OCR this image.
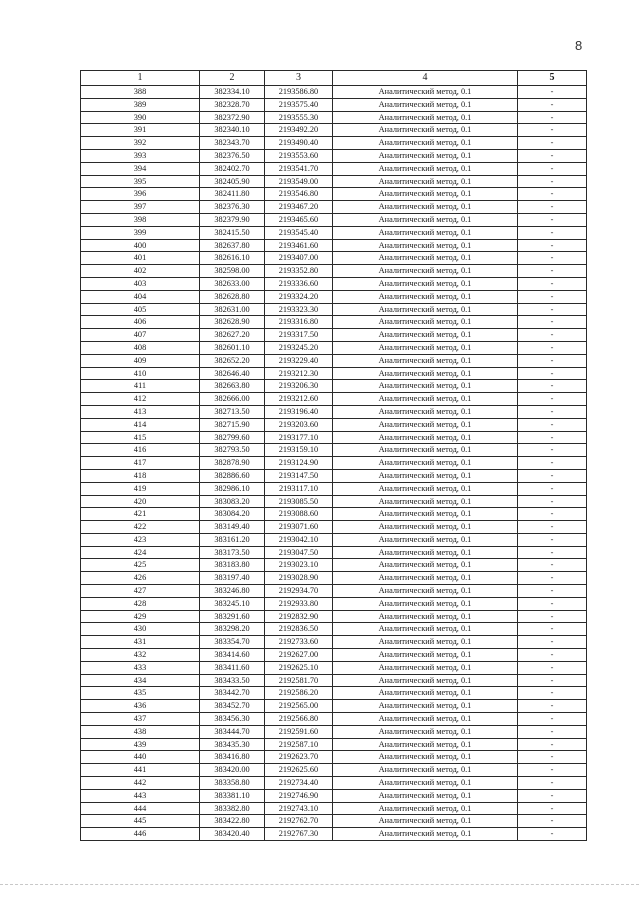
8
1	2	3	4	5
388	382334.10	2193586.80	Аналитический метод, 0.1	-
389	382328.70	2193575.40	Аналитический метод, 0.1	-
390	382372.90	2193555.30	Аналитический метод, 0.1	-
391	382340.10	2193492.20	Аналитический метод, 0.1	-
392	382343.70	2193490.40	Аналитический метод, 0.1	-
393	382376.50	2193553.60	Аналитический метод, 0.1	-
394	382402.70	2193541.70	Аналитический метод, 0.1	-
395	382405.90	2193549.00	Аналитический метод, 0.1	-
396	382411.80	2193546.80	Аналитический метод, 0.1	-
397	382376.30	2193467.20	Аналитический метод, 0.1	-
398	382379.90	2193465.60	Аналитический метод, 0.1	-
399	382415.50	2193545.40	Аналитический метод, 0.1	-
400	382637.80	2193461.60	Аналитический метод, 0.1	-
401	382616.10	2193407.00	Аналитический метод, 0.1	-
402	382598.00	2193352.80	Аналитический метод, 0.1	-
403	382633.00	2193336.60	Аналитический метод, 0.1	-
404	382628.80	2193324.20	Аналитический метод, 0.1	-
405	382631.00	2193323.30	Аналитический метод, 0.1	-
406	382628.90	2193316.80	Аналитический метод, 0.1	-
407	382627.20	2193317.50	Аналитический метод, 0.1	-
408	382601.10	2193245.20	Аналитический метод, 0.1	-
409	382652.20	2193229.40	Аналитический метод, 0.1	-
410	382646.40	2193212.30	Аналитический метод, 0.1	-
411	382663.80	2193206.30	Аналитический метод, 0.1	-
412	382666.00	2193212.60	Аналитический метод, 0.1	-
413	382713.50	2193196.40	Аналитический метод, 0.1	-
414	382715.90	2193203.60	Аналитический метод, 0.1	-
415	382799.60	2193177.10	Аналитический метод, 0.1	-
416	382793.50	2193159.10	Аналитический метод, 0.1	-
417	382878.90	2193124.90	Аналитический метод, 0.1	-
418	382886.60	2193147.50	Аналитический метод, 0.1	-
419	382986.10	2193117.10	Аналитический метод, 0.1	-
420	383083.20	2193085.50	Аналитический метод, 0.1	-
421	383084.20	2193088.60	Аналитический метод, 0.1	-
422	383149.40	2193071.60	Аналитический метод, 0.1	-
423	383161.20	2193042.10	Аналитический метод, 0.1	-
424	383173.50	2193047.50	Аналитический метод, 0.1	-
425	383183.80	2193023.10	Аналитический метод, 0.1	-
426	383197.40	2193028.90	Аналитический метод, 0.1	-
427	383246.80	2192934.70	Аналитический метод, 0.1	-
428	383245.10	2192933.80	Аналитический метод, 0.1	-
429	383291.60	2192832.90	Аналитический метод, 0.1	-
430	383298.20	2192836.50	Аналитический метод, 0.1	-
431	383354.70	2192733.60	Аналитический метод, 0.1	-
432	383414.60	2192627.00	Аналитический метод, 0.1	-
433	383411.60	2192625.10	Аналитический метод, 0.1	-
434	383433.50	2192581.70	Аналитический метод, 0.1	-
435	383442.70	2192586.20	Аналитический метод, 0.1	-
436	383452.70	2192565.00	Аналитический метод, 0.1	-
437	383456.30	2192566.80	Аналитический метод, 0.1	-
438	383444.70	2192591.60	Аналитический метод, 0.1	-
439	383435.30	2192587.10	Аналитический метод, 0.1	-
440	383416.80	2192623.70	Аналитический метод, 0.1	-
441	383420.00	2192625.60	Аналитический метод, 0.1	-
442	383358.80	2192734.40	Аналитический метод, 0.1	-
443	383381.10	2192746.90	Аналитический метод, 0.1	-
444	383382.80	2192743.10	Аналитический метод, 0.1	-
445	383422.80	2192762.70	Аналитический метод, 0.1	-
446	383420.40	2192767.30	Аналитический метод, 0.1	-
